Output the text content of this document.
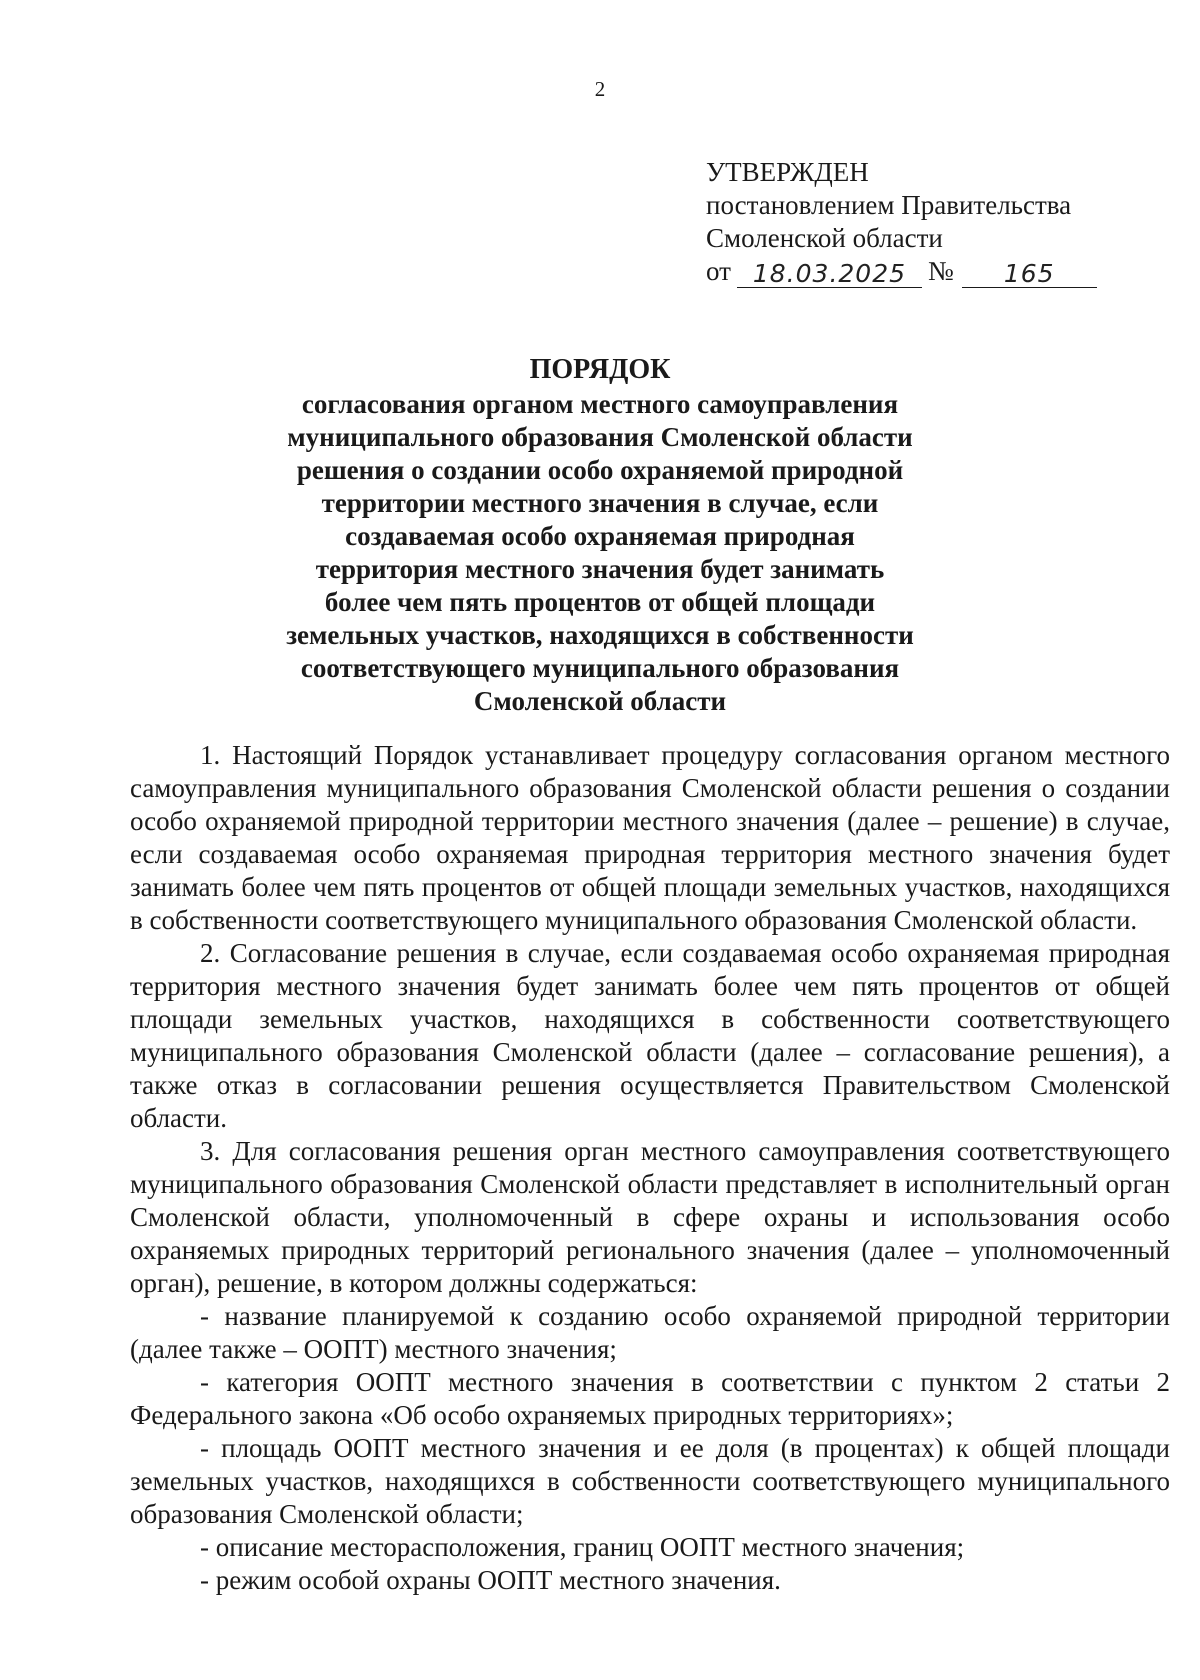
2
УТВЕРЖДЕН
постановлением Правительства
Смоленской области
от 18.03.2025 №	165
ПОРЯДОК
согласования органом местного самоуправления
муниципального образования Смоленской области
решения о создании особо охраняемой природной
территории местного значения в случае, если
создаваемая особо охраняемая природная
территория местного значения будет занимать
более чем пять процентов от общей площади
земельных участков, находящихся в собственности
соответствующего муниципального образования
Смоленской области

1. Настоящий Порядок устанавливает процедуру согласования органом местного самоуправления муниципального образования Смоленской области решения о создании особо охраняемой природной территории местного значения (далее – решение) в случае, если создаваемая особо охраняемая природная территория местного значения будет занимать более чем пять процентов от общей площади земельных участков, находящихся в собственности соответствующего муниципального образования Смоленской области.

2. Согласование решения в случае, если создаваемая особо охраняемая природная территория местного значения будет занимать более чем пять процентов от общей площади земельных участков, находящихся в собственности соответствующего муниципального образования Смоленской области (далее – согласование решения), а также отказ в согласовании решения осуществляется Правительством Смоленской области.

3. Для согласования решения орган местного самоуправления соответствующего муниципального образования Смоленской области представляет в исполнительный орган Смоленской области, уполномоченный в сфере охраны и использования особо охраняемых природных территорий регионального значения (далее – уполномоченный орган), решение, в котором должны содержаться:

- название планируемой к созданию особо охраняемой природной территории (далее также – ООПТ) местного значения;

- категория ООПТ местного значения в соответствии с пунктом 2 статьи 2 Федерального закона «Об особо охраняемых природных территориях»;

- площадь ООПТ местного значения и ее доля (в процентах) к общей площади земельных участков, находящихся в собственности соответствующего муниципального образования Смоленской области;

- описание месторасположения, границ ООПТ местного значения;

- режим особой охраны ООПТ местного значения.
